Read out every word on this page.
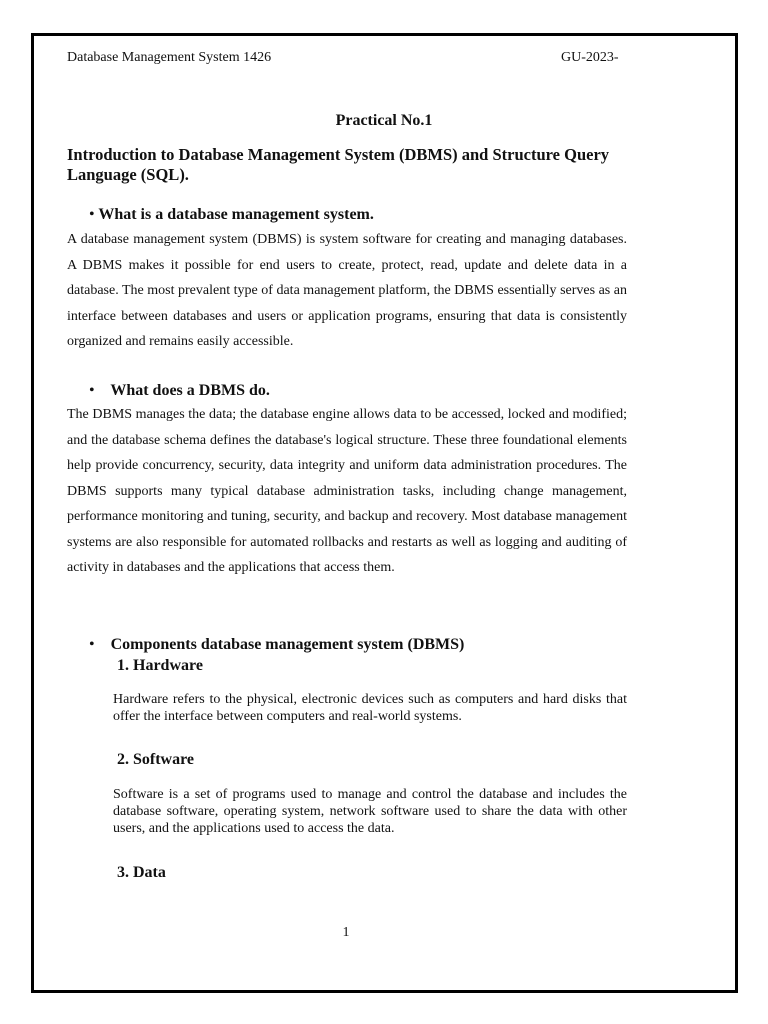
Database Management System 1426	GU-2023-
Practical No.1
Introduction to Database Management System (DBMS) and Structure Query Language (SQL).
• What is a database management system.
A database management system (DBMS) is system software for creating and managing databases. A DBMS makes it possible for end users to create, protect, read, update and delete data in a database. The most prevalent type of data management platform, the DBMS essentially serves as an interface between databases and users or application programs, ensuring that data is consistently organized and remains easily accessible.
• What does a DBMS do.
The DBMS manages the data; the database engine allows data to be accessed, locked and modified; and the database schema defines the database's logical structure. These three foundational elements help provide concurrency, security, data integrity and uniform data administration procedures. The DBMS supports many typical database administration tasks, including change management, performance monitoring and tuning, security, and backup and recovery. Most database management systems are also responsible for automated rollbacks and restarts as well as logging and auditing of activity in databases and the applications that access them.
• Components database management system (DBMS)
1. Hardware
Hardware refers to the physical, electronic devices such as computers and hard disks that offer the interface between computers and real-world systems.
2. Software
Software is a set of programs used to manage and control the database and includes the database software, operating system, network software used to share the data with other users, and the applications used to access the data.
3. Data
1
